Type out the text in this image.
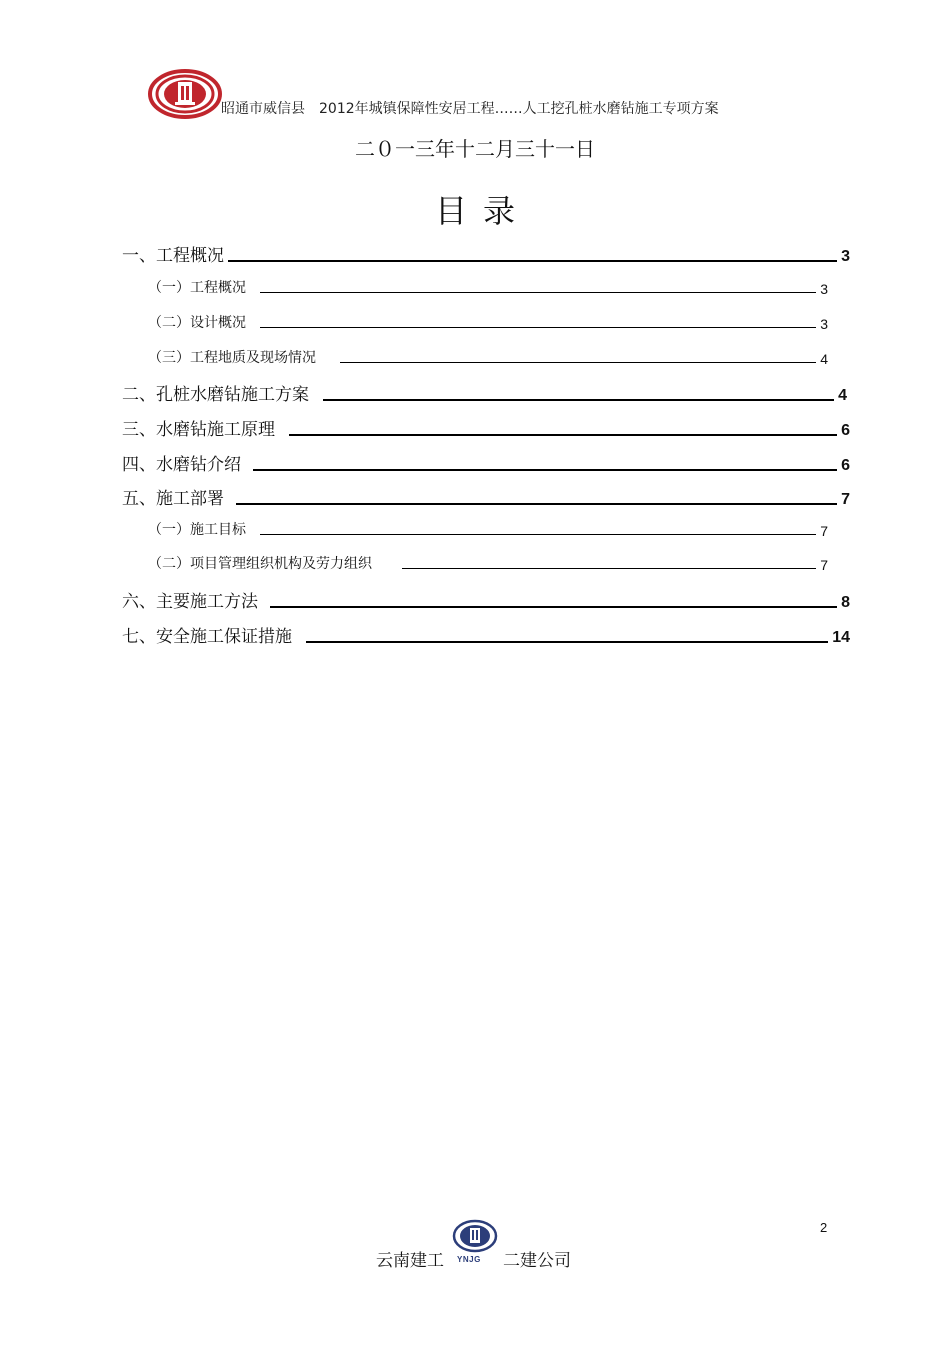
昭通市威信县　2012年城镇保障性安居工程……人工挖孔桩水磨钻施工专项方案
二０一三年十二月三十一日
目录
一、工程概况	3
（一）工程概况	3
（二）设计概况	3
（三）工程地质及现场情况	4
二、孔桩水磨钻施工方案	4
三、水磨钻施工原理	6
四、水磨钻介绍	6
五、施工部署	7
（一）施工目标	7
（二）项目管理组织机构及劳力组织	7
六、主要施工方法	8
七、安全施工保证措施	14
2
云南建工 YNJG 二建公司
